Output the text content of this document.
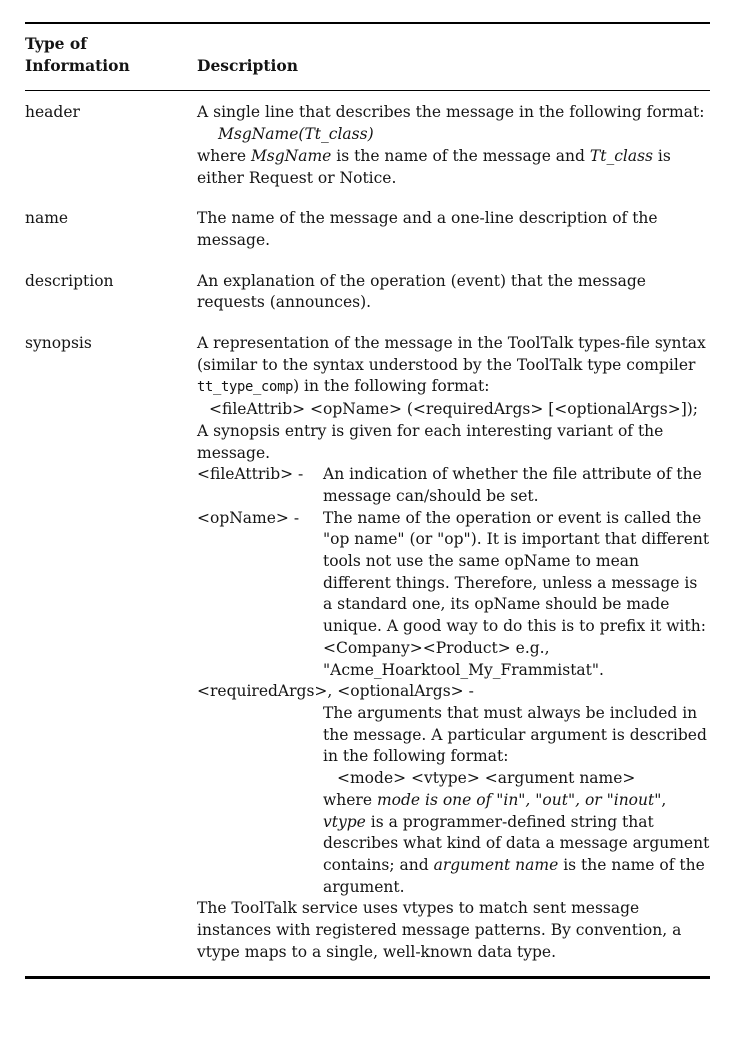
Type of
Information	Description
header	A single line that describes the message in the following format:

MsgName(Tt_class)

where MsgName is the name of the message and Tt_class is either Request or Notice.

name	The name of the message and a one-line description of the message.

description	An explanation of the operation (event) that the message requests (announces).

synopsis	A representation of the message in the ToolTalk types-file syntax (similar to the syntax understood by the ToolTalk type compiler tt_type_comp) in the following format:

<fileAttrib> <opName> (<requiredArgs> [<optionalArgs>]);

A synopsis entry is given for each interesting variant of the message.

<fileAttrib> -	An indication of whether the file attribute of the message can/should be set.

<opName> -	The name of the operation or event is called the "op name" (or "op"). It is important that different tools not use the same opName to mean different things. Therefore, unless a message is a standard one, its opName should be made unique. A good way to do this is to prefix it with:

<Company><Product> e.g.,

"Acme_Hoarktool_My_Frammistat".

<requiredArgs>, <optionalArgs> -

The arguments that must always be included in the message. A particular argument is described in the following format:

<mode> <vtype> <argument name>

where mode is one of "in", "out", or "inout", vtype is a programmer-defined string that describes what kind of data a message argument contains; and argument name is the name of the argument.

The ToolTalk service uses vtypes to match sent message instances with registered message patterns. By convention, a vtype maps to a single, well-known data type.
